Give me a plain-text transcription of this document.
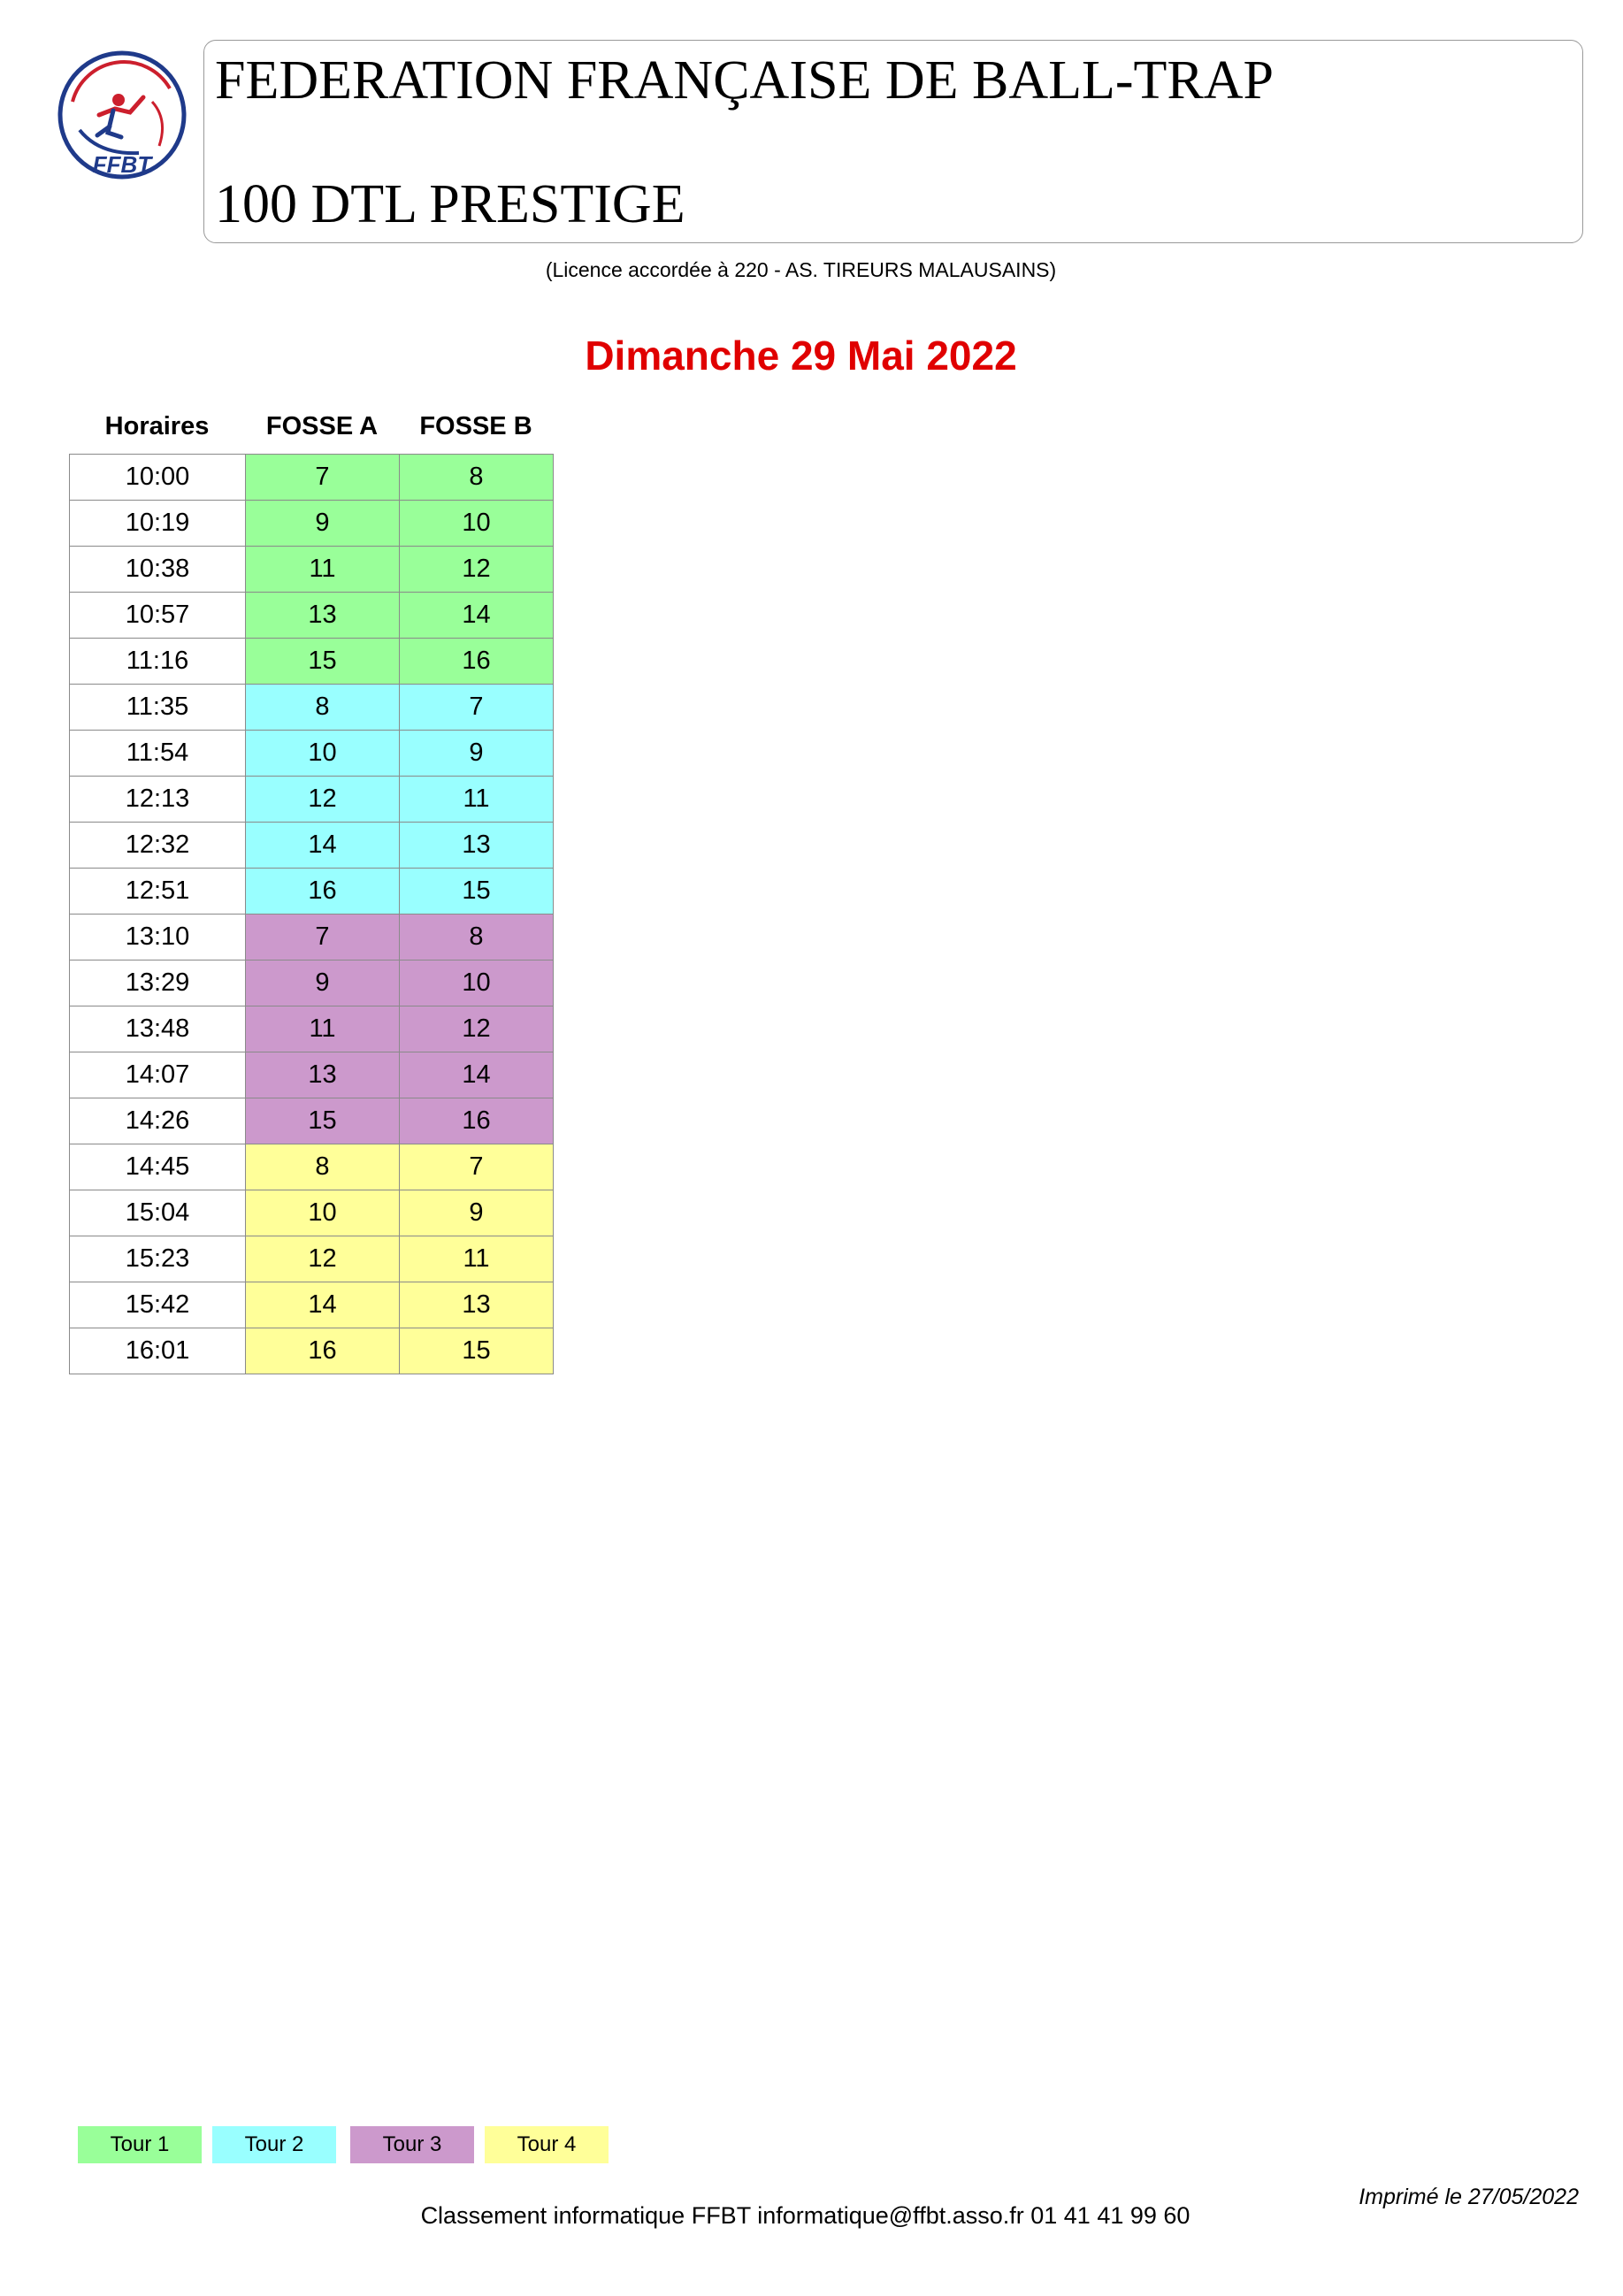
FFBT
FEDERATION FRANÇAISE DE BALL-TRAP
100 DTL PRESTIGE
(Licence accordée à 220 - AS. TIREURS MALAUSAINS)
Dimanche 29 Mai 2022
Horaires	FOSSE A	FOSSE B
10:00	7	8
10:19	9	10
10:38	11	12
10:57	13	14
11:16	15	16
11:35	8	7
11:54	10	9
12:13	12	11
12:32	14	13
12:51	16	15
13:10	7	8
13:29	9	10
13:48	11	12
14:07	13	14
14:26	15	16
14:45	8	7
15:04	10	9
15:23	12	11
15:42	14	13
16:01	16	15
Tour 1	Tour 2	Tour 3	Tour 4
Classement informatique FFBT informatique@ffbt.asso.fr 01 41 41 99 60
Imprimé le 27/05/2022
